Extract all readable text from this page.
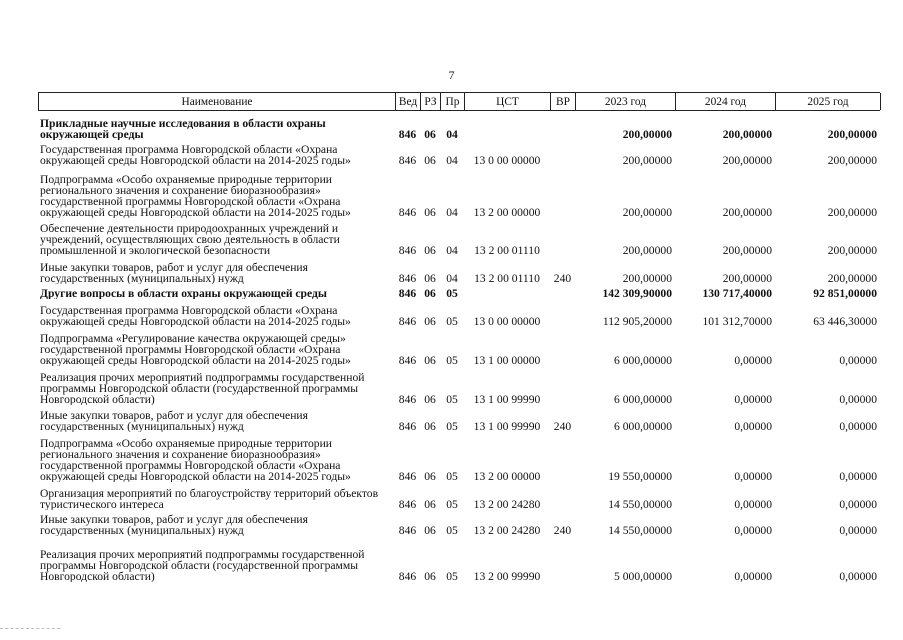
7
Наименование	Вед РЗ Пр	ЦСТ	ВР	2023 год	2024 год	2025 год
Прикладные научные исследования в области охраны окружающей среды	846 06 04	200,00000	200,00000	200,00000
Государственная программа Новгородской области «Охрана окружающей среды Новгородской области на 2014-2025 годы»	846 06 04	13 0 00 00000	200,00000	200,00000	200,00000
Подпрограмма «Особо охраняемые природные территории регионального значения и сохранение биоразнообразия» государственной программы Новгородской области «Охрана окружающей среды Новгородской области на 2014-2025 годы»	846 06 04	13 2 00 00000	200,00000	200,00000	200,00000
Обеспечение деятельности природоохранных учреждений и учреждений, осуществляющих свою деятельность в области промышленной и экологической безопасности	846 06 04	13 2 00 01110	200,00000	200,00000	200,00000
Иные закупки товаров, работ и услуг для обеспечения государственных (муниципальных) нужд	846 06 04	13 2 00 01110	240	200,00000	200,00000	200,00000
Другие вопросы в области охраны окружающей среды	846 06 05	142 309,90000	130 717,40000	92 851,00000
Государственная программа Новгородской области «Охрана окружающей среды Новгородской области на 2014-2025 годы»	846 06 05	13 0 00 00000	112 905,20000	101 312,70000	63 446,30000
Подпрограмма «Регулирование качества окружающей среды» государственной программы Новгородской области «Охрана окружающей среды Новгородской области на 2014-2025 годы»	846 06 05	13 1 00 00000	6 000,00000	0,00000	0,00000
Реализация прочих мероприятий подпрограммы государственной программы Новгородской области (государственной программы Новгородской области)	846 06 05	13 1 00 99990	6 000,00000	0,00000	0,00000
Иные закупки товаров, работ и услуг для обеспечения государственных (муниципальных) нужд	846 06 05	13 1 00 99990	240	6 000,00000	0,00000	0,00000
Подпрограмма «Особо охраняемые природные территории регионального значения и сохранение биоразнообразия» государственной программы Новгородской области «Охрана окружающей среды Новгородской области на 2014-2025 годы»	846 06 05	13 2 00 00000	19 550,00000	0,00000	0,00000
Организация мероприятий по благоустройству территорий объектов туристического интереса	846 06 05	13 2 00 24280	14 550,00000	0,00000	0,00000
Иные закупки товаров, работ и услуг для обеспечения государственных (муниципальных) нужд	846 06 05	13 2 00 24280	240	14 550,00000	0,00000	0,00000
Реализация прочих мероприятий подпрограммы государственной программы Новгородской области (государственной программы Новгородской области)	846 06 05	13 2 00 99990	5 000,00000	0,00000	0,00000
